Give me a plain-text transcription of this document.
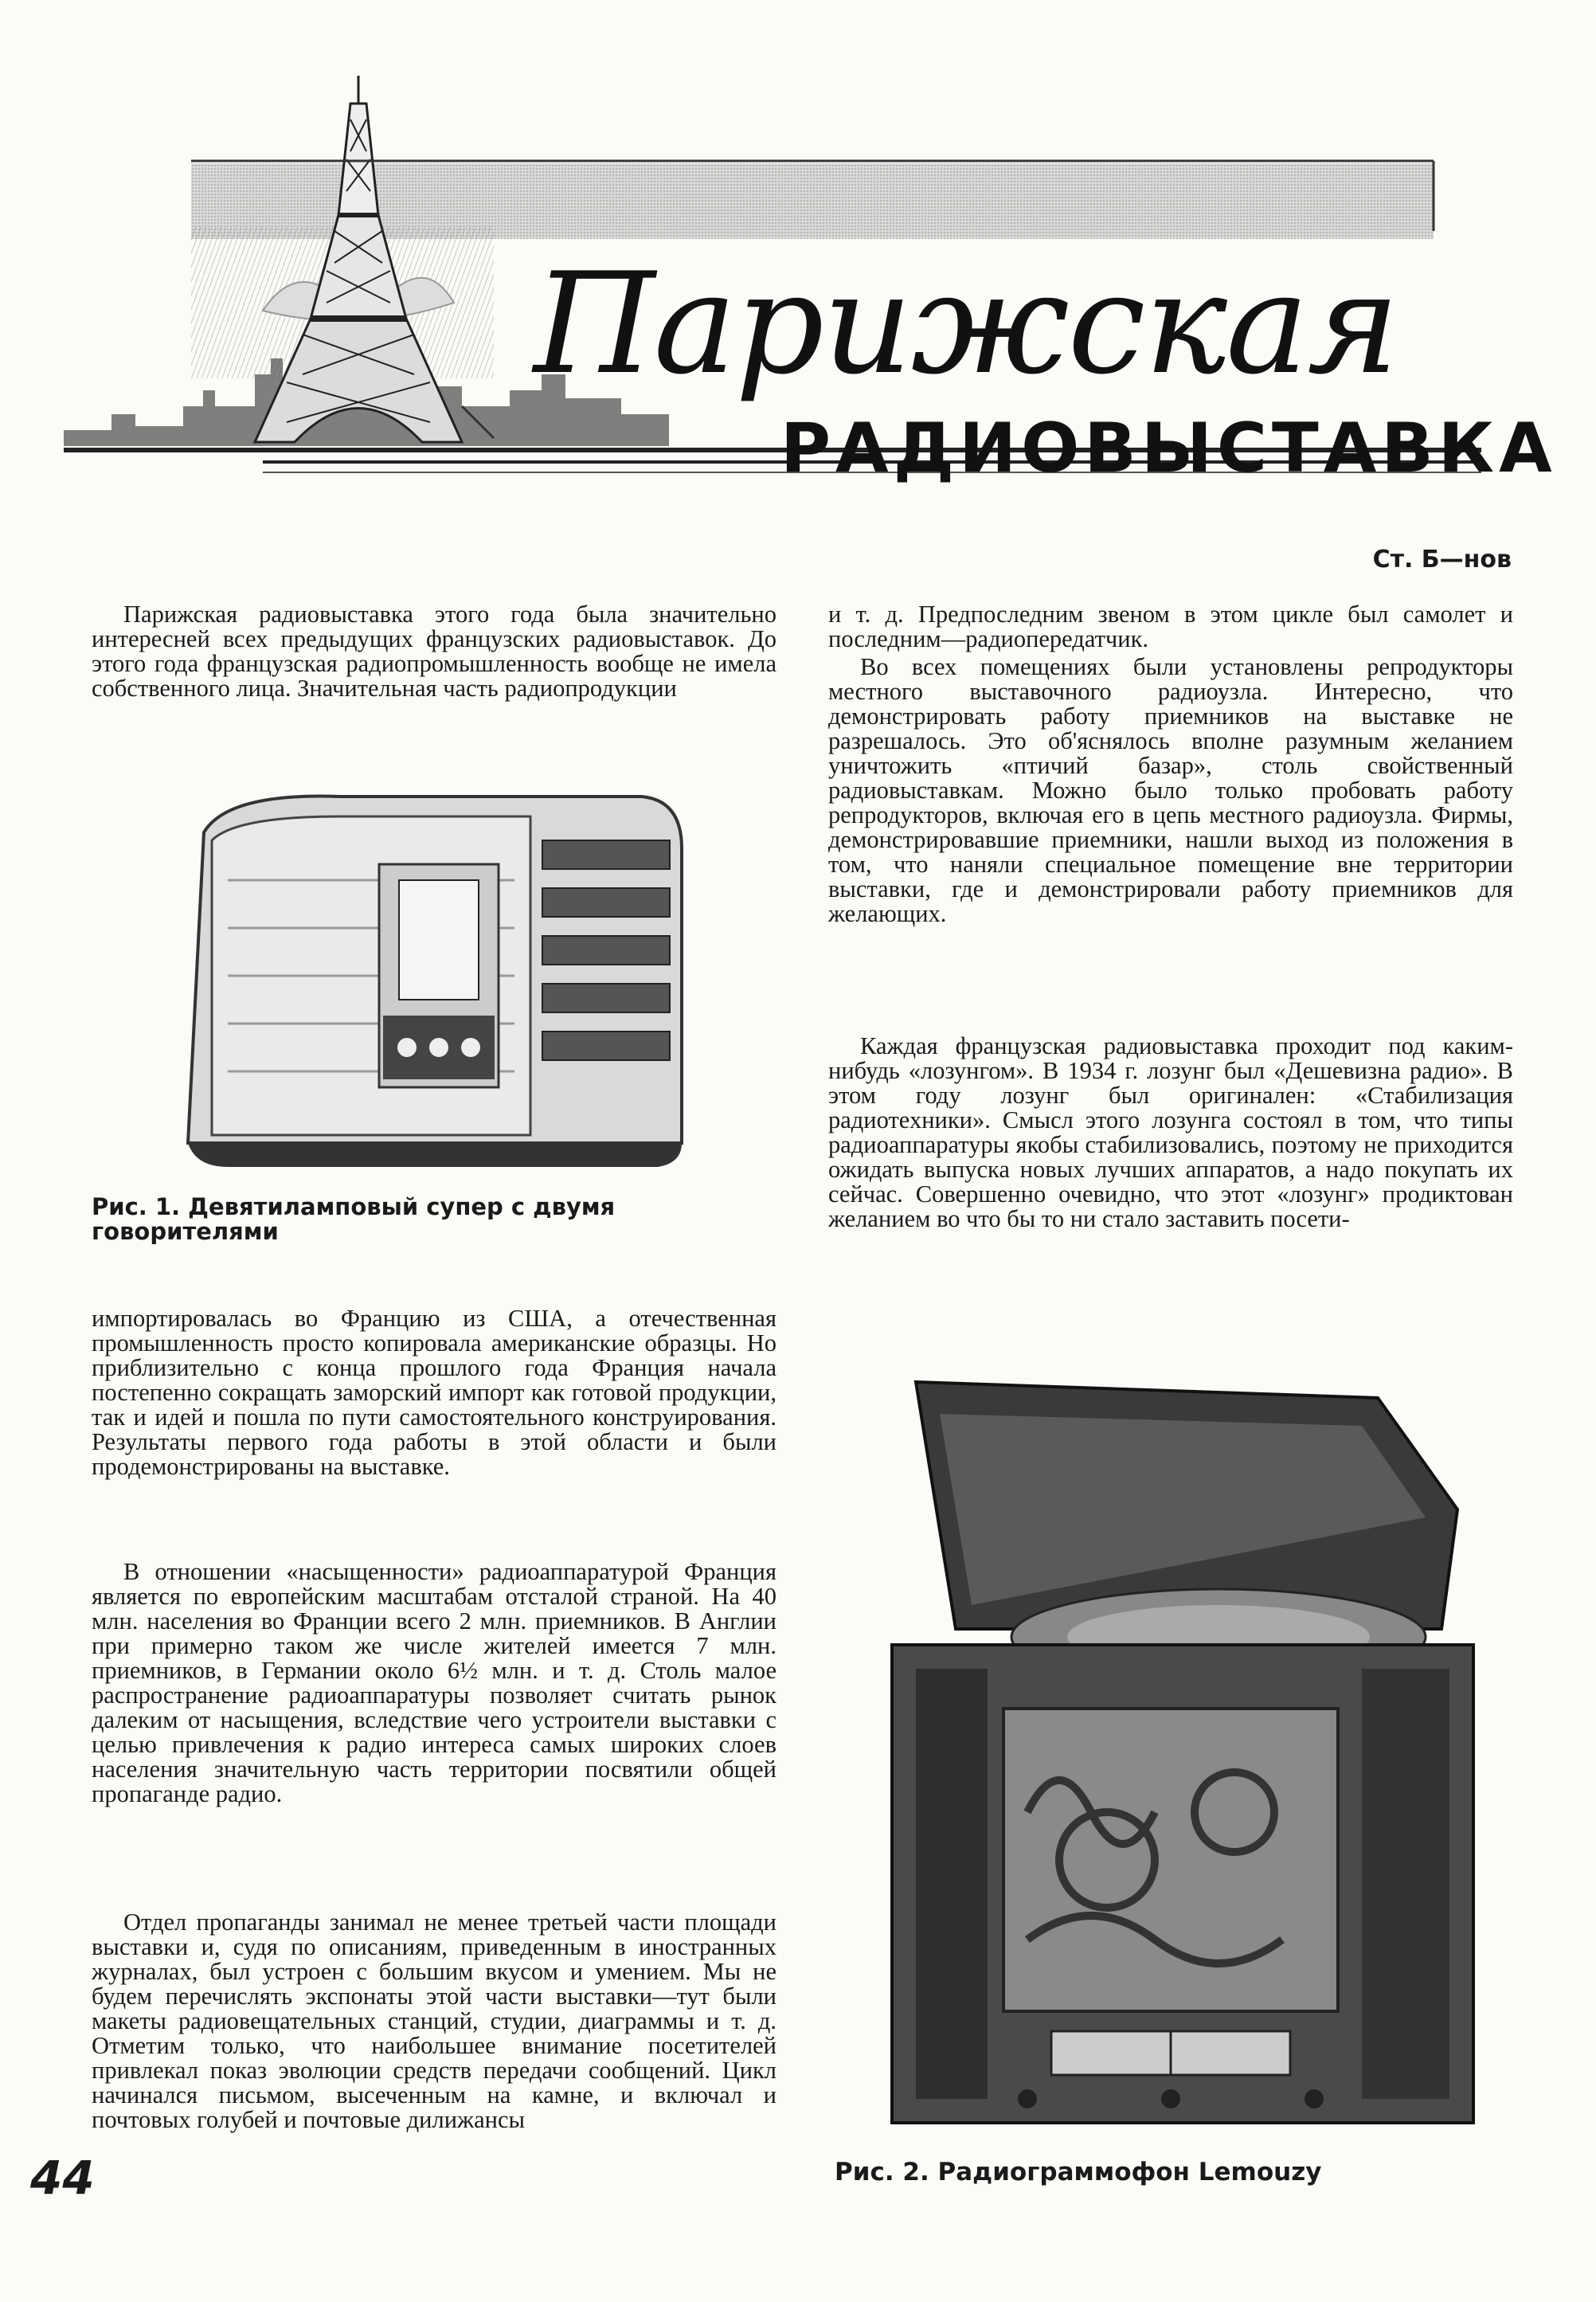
Парижская
РАДИОВЫСТАВКА
Ст. Б—нов

Парижская радиовыставка этого года была значительно интересней всех предыдущих французских радиовыставок. До этого года французская радиопромышленность вообще не имела собственного лица. Значительная часть радиопродукции

Рис. 1. Девятиламповый супер с двумя говорителями

импортировалась во Францию из США, а отечественная промышленность просто копировала американские образцы. Но приблизительно с конца прошлого года Франция начала постепенно сокращать заморский импорт как готовой продукции, так и идей и пошла по пути самостоятельного конструирования. Результаты первого года работы в этой области и были продемонстрированы на выставке.

В отношении «насыщенности» радиоаппаратурой Франция является по европейским масштабам отсталой страной. На 40 млн. населения во Франции всего 2 млн. приемников. В Англии при примерно таком же числе жителей имеется 7 млн. приемников, в Германии около 6½ млн. и т. д. Столь малое распространение радиоаппаратуры позволяет считать рынок далеким от насыщения, вследствие чего устроители выставки с целью привлечения к радио интереса самых широких слоев населения значительную часть территории посвятили общей пропаганде радио.

Отдел пропаганды занимал не менее третьей части площади выставки и, судя по описаниям, приведенным в иностранных журналах, был устроен с большим вкусом и умением. Мы не будем перечислять экспонаты этой части выставки—тут были макеты радиовещательных станций, студии, диаграммы и т. д. Отметим только, что наибольшее внимание посетителей привлекал показ эволюции средств передачи сообщений. Цикл начинался письмом, высеченным на камне, и включал и почтовых голубей и почтовые дилижансы

44

и т. д. Предпоследним звеном в этом цикле был самолет и последним—радиопередатчик.

Во всех помещениях были установлены репродукторы местного выставочного радиоузла. Интересно, что демонстрировать работу приемников на выставке не разрешалось. Это об'яснялось вполне разумным желанием уничтожить «птичий базар», столь свойственный радиовыставкам. Можно было только пробовать работу репродукторов, включая его в цепь местного радиоузла. Фирмы, демонстрировавшие приемники, нашли выход из положения в том, что наняли специальное помещение вне территории выставки, где и демонстрировали работу приемников для желающих.

Каждая французская радиовыставка проходит под каким-нибудь «лозунгом». В 1934 г. лозунг был «Дешевизна радио». В этом году лозунг был оригинален: «Стабилизация радиотехники». Смысл этого лозунга состоял в том, что типы радиоаппаратуры якобы стабилизовались, поэтому не приходится ожидать выпуска новых лучших аппаратов, а надо покупать их сейчас. Совершенно очевидно, что этот «лозунг» продиктован желанием во что бы то ни стало заставить посети-

Рис. 2. Радиограммофон Lemouzy
